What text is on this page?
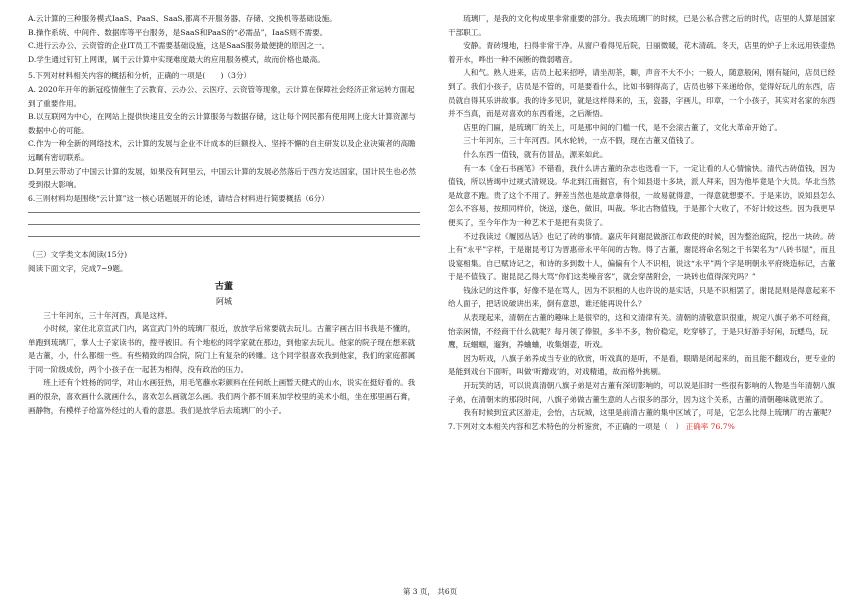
A.云计算的三种服务模式IaaS、PaaS、SaaS,都离不开服务器、存储、交换机等基础设施。

B.操作系统、中间件、数据库等平台服务，是SaaS和PaaS的“必需品”，IaaS则不需要。

C.进行云办公、云资管的企业IT员工不需要基础设施，这是SaaS服务最便捷的原因之一。

D.学生通过钉钉上网课，属于云计算中实现难度最大的应用服务模式，故而价格也最高。

5.下列对材料相关内容的概括和分析，正确的一项是(　　)（3分）

A. 2020年开年的新冠疫情催生了云教育、云办公、云医疗、云资管等现象，云计算在保障社会经济正常运转方面起到了重要作用。

B.以互联网为中心，在网站上提供快速且安全的云计算服务与数据存储，这让每个网民都有使用网上庞大计算资源与数据中心的可能。

C.作为一种全新的网络技术，云计算的发展与企业不计成本的巨额投入、坚持不懈的自主研发以及企业决策者的高瞻远瞩有密切联系。

D.阿里云带动了中国云计算的发展，如果没有阿里云，中国云计算的发展必然落后于西方发达国家，国计民生也必然受到很大影响。

6.三则材料均是围绕“云计算”这一核心话题展开的论述，请结合材料进行简要概括（6分）

（三）文学类文本阅读(15分)

阅读下面文字，完成7~9题。

古董

阿城

三十年河东，三十年河西，真是这样。

小时候，家住北京宣武门内，离宣武门外的琉璃厂很近，放放学后常要就去玩儿。古董字画古旧书我是不懂的，单跑到琉璃厂，掌人士子家读书的，搜寻被旧。有个地松的同学家就在那边，到他家去玩儿。他家的院子现在想来就是古董，小，什么都细一些。有些精致的四合院，院门上有复杂的砖雕。这个同学很喜欢我到他家，我们的家庭都属于同一阶级成份，两个小孩子在一起甚为相得，没有政治的压力。

班上还有个姓杨的同学，对山水画狂热，用毛笔蘸水彩颜料在任何纸上画暂天健式的山水，说实在挺好看的。我画的很杂，喜欢画什么就画什么，喜欢怎么画就怎么画。我们两个都不屑来加学校里的美术小组，坐在那里画石膏，画静物，有模样子给富外经过的人看的意思。我们是放学后去琉璃厂的小子。

琉璃厂，是我的文化构成里非常重要的部分。我去琉璃厂的时候，已是公私合营之后的时代，店里的人算是国家干部职工。

安静。青砖墁地，扫得非常干净。从窗户看得见后院，日丽微暖，花木清疏。冬天，店里的炉子上永远用铁壶热着开水，哗出一种不闲断的微弱嗜音。

人和气。熟人进来，店员上起来招呼，请坐沏茶，聊，声音不大不小；一般人，随意般闲，刚有疑问，店员已经到了。我们小孩子，店员是不管的，可是要看什么，比如书铜得高了，店员也够下来递给你，觉得好玩儿的东西，店员就自得其乐讲故事。我的诗多见识，就是这样得来的，玉，瓷器，字画儿，印章，一个小孩子，其实对名家的东西并不当真，而是对喜欢的东西看迷，之后渐悟。

店里的门匾，是琉璃厂的关上，可是那中间的门槛一代，是不会滚古董了，文化大革命开始了。

三十年河东，三十年河西。风水轮转，一点不假，现在古董又值钱了。

什么东西一值钱，就有仿冒品，源来如此。

有一本《金石书画笔》不错看，我什么讲古董的杂志也选看一下，一定让看的人心情愉快。清代古砖值钱，因为值钱，所以皆竭中过规式清规设。华北到江南掘官，有个知县退十多块，派人拜来，因为他毕竟是个大员。华北当然是故意不跑。贵了这个不用了。狎差当然也是故意拿得很，一故易就得意，一得意就想要不。于是来访，说知县怎么怎么不容易，按照同样价，饶送，遂色，做旧，叫裁。华北古物值钱，于是都个大收了，不好计较这些。因为我更早便买了，至今年作为一种艺术于是把有卖货了。

不过我读过《履园丛话》也记了砖的事情。嘉庆年间谢昆做浙江布政使的时候，因为整治庭院，挖出一块砖。砖上有“永平”字样，于是谢昆考订为晋惠帝永平年间的古物。得了古董，谢昆将命名刻之于书架名为“八砖书屋”，而且设宴相集。自已赋诗记之，和诗的多到数十人，偏偏有个人不识相，说这“永平”两个字是明朝永平府烧造标记，古董于是不值钱了。谢昆昆乙得大骂“你们这类噪音客”，就会穿凿附会，一块砖也值得深究吗？”

钱泳记的这件事，好像不是在骂人，因为不识相的人也许说的是实话，只是不识相罢了，谢昆昆则是得意起来不给人面子，把话说破讲出来，倒有意思，谁还能再说什么？

从表现起来，清朝在古董的趣味上是很窄的，这和文清律有关。清朝的清敬意识很重，规定八旗子弟不可经商，怡亲闲情，不经商干什么就呢？每月领了俸银，多半不多，物价稳定，吃穿够了，于是只好游手好闲，玩蟋鸟，玩鹰，玩蝈蝈，遛狗，养蛐蛐，收集烟壶，听戏。

因为听戏，八旗子弟养成当专业的欣赏，听戏真的是听，不是看，眼睛是闭起来的，而且能不翻戏台，更专业的是能到戏台下面听，叫做‘听蹭戏’的，对戏精通，故而格外挑剔。

开玩笑的话，可以说真清朝八旗子弟是对古董有深切影响的，可以说是旧时一些很有影响的人物是当年清朝八旗子弟，在清朝末的那段时间，八旗子弟做古董生意的人占很多的部分，因为这个关系，古董的清朝趣味就更浓了。

我有时候到宜武区游走，会怡，古玩城，这里是前清古董的集中区域了，可是，它怎么比得上琉璃厂的古董呢？

7.下列对文本相关内容和艺术特色的分析鉴赏，不正确的一项是（　） 正确率 76.7%

第 3 页， 共6页
